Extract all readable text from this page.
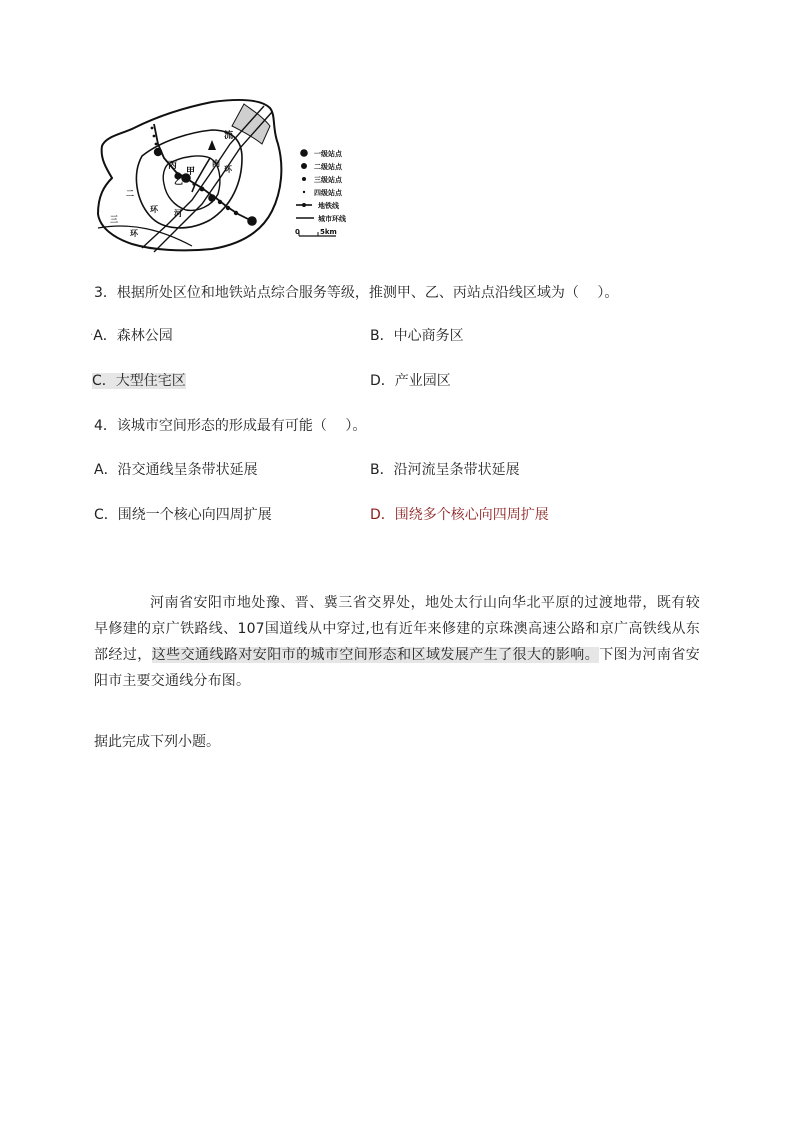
丙
甲
乙
流
内
环
二
环 河
三
环
一级站点
二级站点
三级站点
四级站点
地铁线
城市环线
0	5km
3．根据所处区位和地铁站点综合服务等级，推测甲、乙、丙站点沿线区域为（　 ）。
·A．森林公园	B．中心商务区
C．大型住宅区	D．产业园区
4．该城市空间形态的形成最有可能（　 ）。
A．沿交通线呈条带状延展	B．沿河流呈条带状延展
C．围绕一个核心向四周扩展	D．围绕多个核心向四周扩展
河南省安阳市地处豫、晋、冀三省交界处，地处太行山向华北平原的过渡地带，既有较早修建的京广铁路线、107国道线从中穿过,也有近年来修建的京珠澳高速公路和京广高铁线从东部经过，这些交通线路对安阳市的城市空间形态和区域发展产生了很大的影响。下图为河南省安阳市主要交通线分布图。
据此完成下列小题。
